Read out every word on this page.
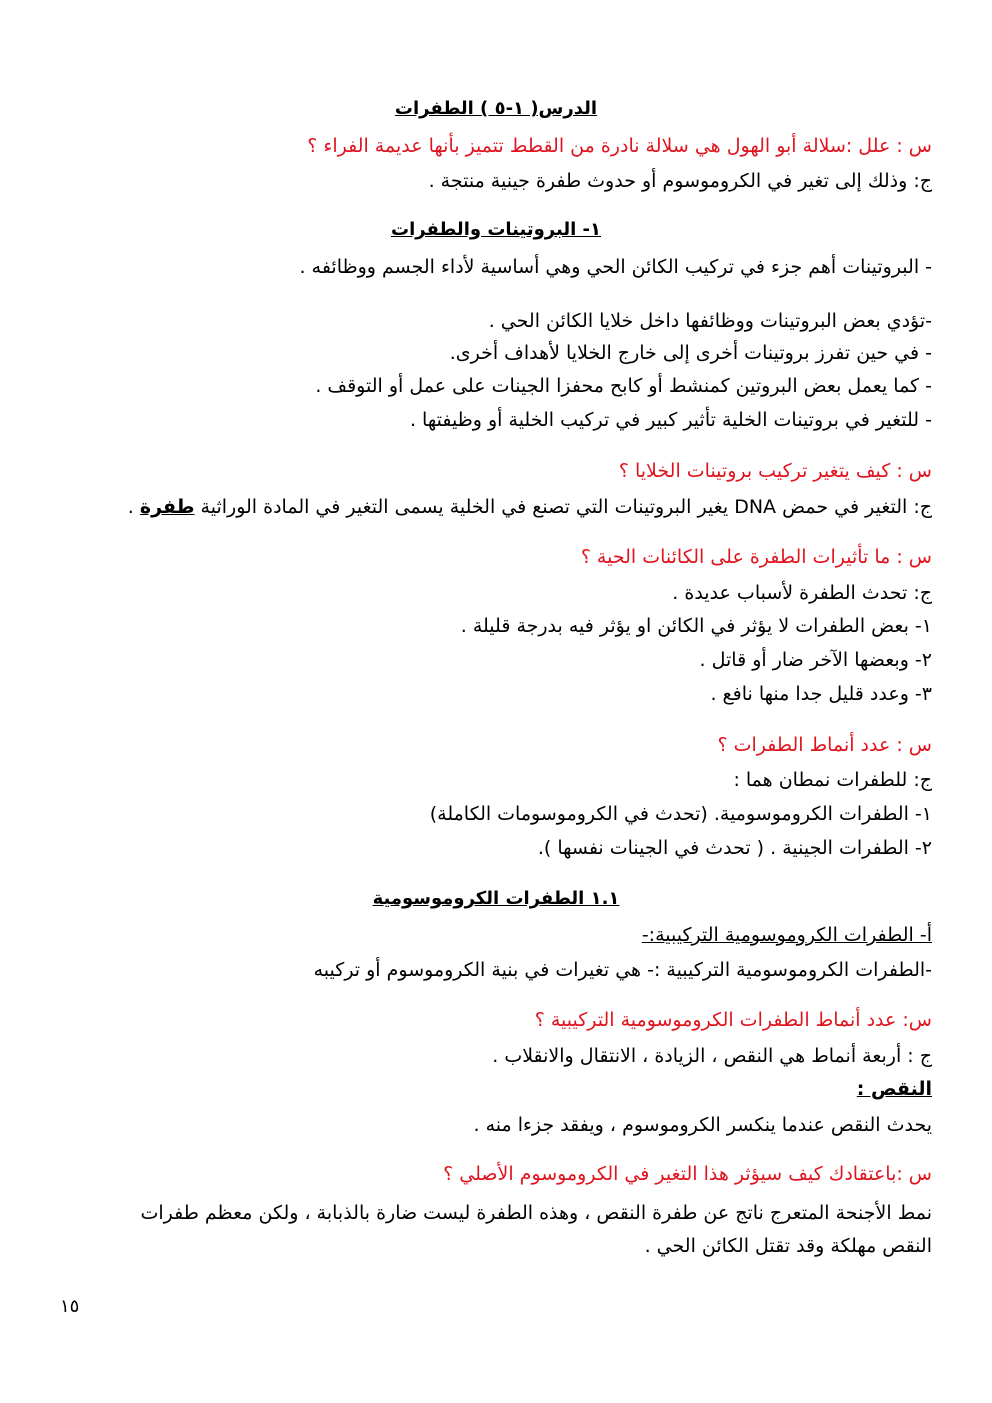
الدرس( ١-٥ ) الطفرات
س : علل :سلالة أبو الهول هي سلالة نادرة من القطط تتميز بأنها عديمة الفراء ؟
ج: وذلك إلى تغير في الكروموسوم أو حدوث طفرة جينية منتجة .
١- البروتينات والطفرات
- البروتينات أهم جزء في تركيب الكائن الحي وهي أساسية لأداء الجسم ووظائفه .
-تؤدي بعض البروتينات ووظائفها داخل خلايا الكائن الحي .
- في حين تفرز بروتينات أخرى إلى خارج الخلايا لأهداف أخرى.
- كما يعمل بعض البروتين كمنشط أو كابح محفزا الجينات على عمل أو التوقف .
- للتغير في بروتينات الخلية تأثير كبير في تركيب الخلية أو وظيفتها .
س : كيف يتغير تركيب بروتينات الخلايا ؟
ج: التغير في حمض DNA يغير البروتينات التي تصنع في الخلية يسمى التغير في المادة الوراثية طفرة .
س : ما تأثيرات الطفرة على الكائنات الحية ؟
ج: تحدث الطفرة لأسباب عديدة .
١- بعض الطفرات لا يؤثر في الكائن او يؤثر فيه بدرجة قليلة .
٢- وبعضها الآخر ضار أو قاتل .
٣- وعدد قليل جدا منها نافع .
س : عدد أنماط الطفرات ؟
ج: للطفرات نمطان هما :
١- الطفرات الكروموسومية. (تحدث في الكروموسومات الكاملة)
٢- الطفرات الجينية . ( تحدث في الجينات نفسها ).
١.١ الطفرات الكروموسومية
أ- الطفرات الكروموسومية التركيبية:-
-الطفرات الكروموسومية التركيبية :- هي تغيرات في بنية الكروموسوم أو تركيبه
س: عدد أنماط الطفرات الكروموسومية التركيبية ؟
ج : أربعة أنماط هي النقص ، الزيادة ، الانتقال والانقلاب .
النقص :
يحدث النقص عندما ينكسر الكروموسوم ، ويفقد جزءا منه .
س :باعتقادك كيف سيؤثر هذا التغير في الكروموسوم الأصلي ؟
نمط الأجنحة المتعرج ناتج عن طفرة النقص ، وهذه الطفرة ليست ضارة بالذبابة ، ولكن معظم طفرات النقص مهلكة وقد تقتل الكائن الحي .
١٥
